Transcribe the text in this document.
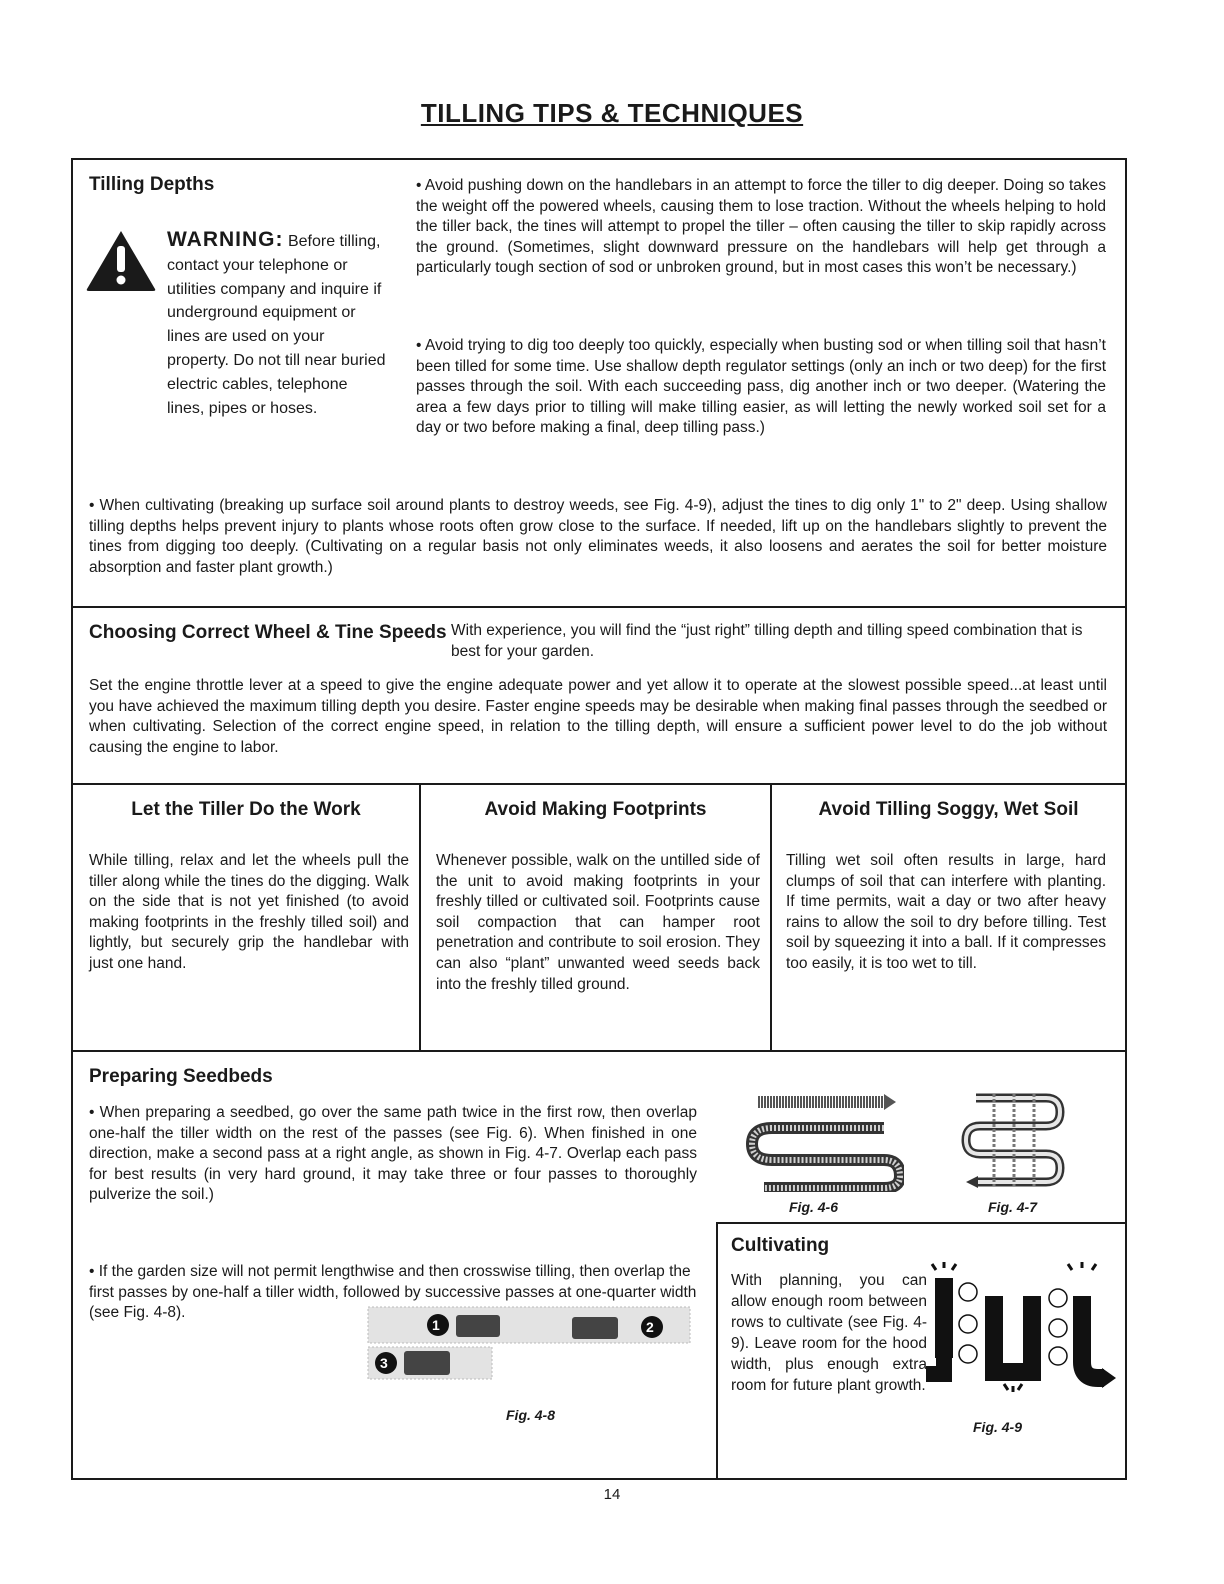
TILLING TIPS & TECHNIQUES
Tilling Depths
WARNING: Before tilling, contact your telephone or utilities company and inquire if underground equipment or lines are used on your property. Do not till near buried electric cables, telephone lines, pipes or hoses.
• Avoid pushing down on the handlebars in an attempt to force the tiller to dig deeper. Doing so takes the weight off the powered wheels, causing them to lose traction. Without the wheels helping to hold the tiller back, the tines will attempt to propel the tiller – often causing the tiller to skip rapidly across the ground. (Sometimes, slight downward pressure on the handlebars will help get through a particularly tough section of sod or unbroken ground, but in most cases this won’t be necessary.)
• Avoid trying to dig too deeply too quickly, especially when busting sod or when tilling soil that hasn’t been tilled for some time. Use shallow depth regulator settings (only an inch or two deep) for the first passes through the soil. With each succeeding pass, dig another inch or two deeper. (Watering the area a few days prior to tilling will make tilling easier, as will letting the newly worked soil set for a day or two before making a final, deep tilling pass.)
• When cultivating (breaking up surface soil around plants to destroy weeds, see Fig. 4-9), adjust the tines to dig only 1" to 2" deep. Using shallow tilling depths helps prevent injury to plants whose roots often grow close to the surface. If needed, lift up on the handlebars slightly to prevent the tines from digging too deeply. (Cultivating on a regular basis not only eliminates weeds, it also loosens and aerates the soil for better moisture absorption and faster plant growth.)
Choosing Correct Wheel & Tine Speeds With experience, you will find the “just right” tilling depth and tilling speed combination that is best for your garden.
Set the engine throttle lever at a speed to give the engine adequate power and yet allow it to operate at the slowest possible speed...at least until you have achieved the maximum tilling depth you desire. Faster engine speeds may be desirable when making final passes through the seedbed or when cultivating. Selection of the correct engine speed, in relation to the tilling depth, will ensure a sufficient power level to do the job without causing the engine to labor.
Let the Tiller Do the Work
While tilling, relax and let the wheels pull the tiller along while the tines do the digging. Walk on the side that is not yet finished (to avoid making footprints in the freshly tilled soil) and lightly, but securely grip the handlebar with just one hand.
Avoid Making Footprints
Whenever possible, walk on the untilled side of the unit to avoid making footprints in your freshly tilled or cultivated soil. Footprints cause soil compaction that can hamper root penetration and contribute to soil erosion. They can also “plant” unwanted weed seeds back into the freshly tilled ground.
Avoid Tilling Soggy, Wet Soil
Tilling wet soil often results in large, hard clumps of soil that can interfere with planting. If time permits, wait a day or two after heavy rains to allow the soil to dry before tilling. Test soil by squeezing it into a ball. If it compresses too easily, it is too wet to till.
Preparing Seedbeds
• When preparing a seedbed, go over the same path twice in the first row, then overlap one-half the tiller width on the rest of the passes (see Fig. 6). When finished in one direction, make a second pass at a right angle, as shown in Fig. 4-7. Overlap each pass for best results (in very hard ground, it may take three or four passes to thoroughly pulverize the soil.)
• If the garden size will not permit lengthwise and then crosswise tilling, then overlap the first passes by one-half a tiller width, followed by successive passes at one-quarter width (see Fig. 4-8).
Fig. 4-6	Fig. 4-7
1	2
3
Fig. 4-8
Cultivating
With planning, you can allow enough room between rows to cultivate (see Fig. 4-9). Leave room for the hood width, plus enough extra room for future plant growth.
Fig. 4-9
14
